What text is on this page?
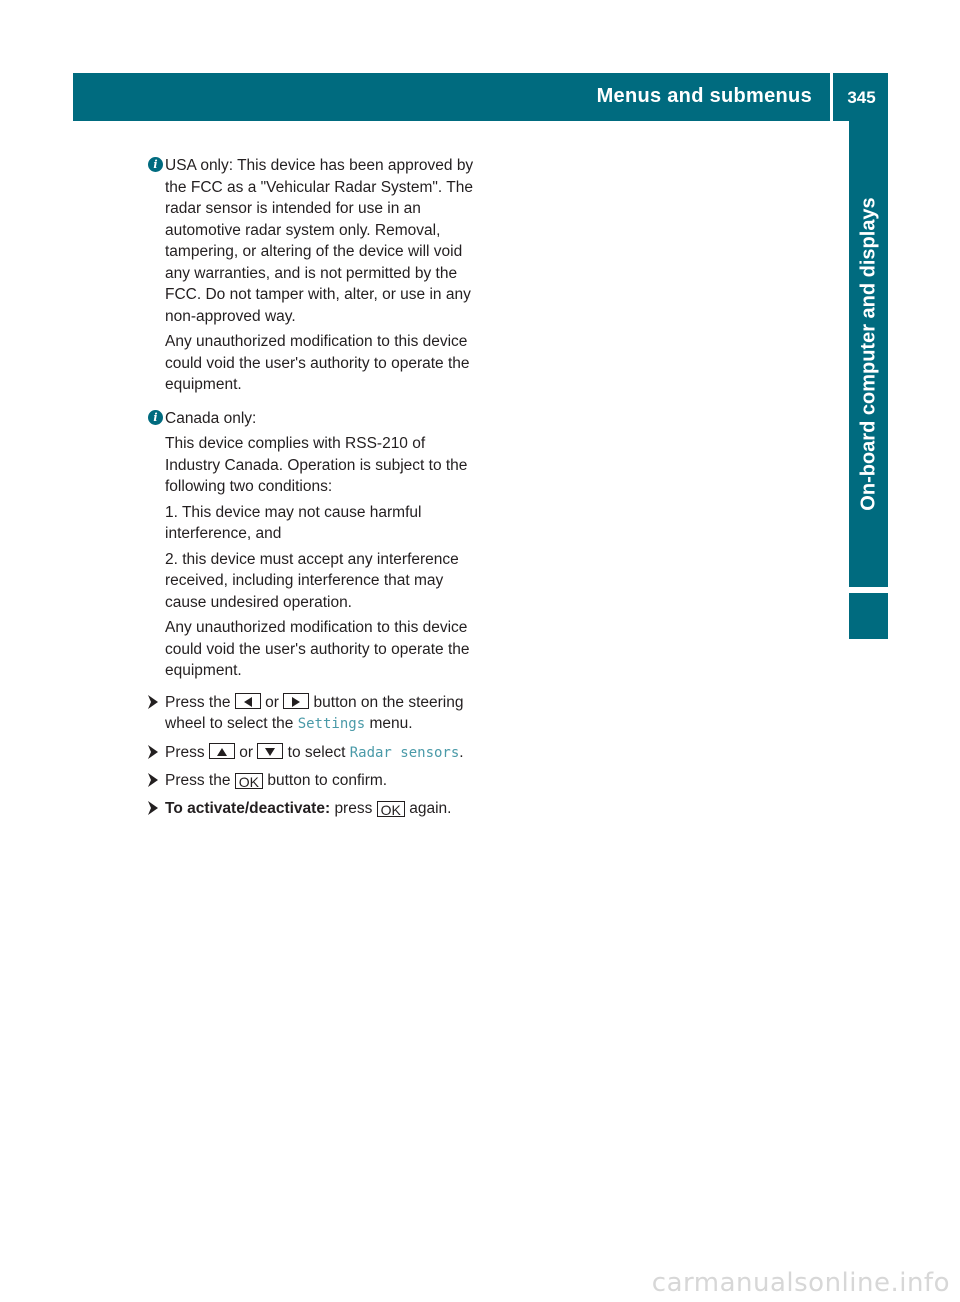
Menus and submenus	345
On-board computer and displays
i USA only: This device has been approved by the FCC as a "Vehicular Radar System". The radar sensor is intended for use in an automotive radar system only. Removal, tampering, or altering of the device will void any warranties, and is not permitted by the FCC. Do not tamper with, alter, or use in any non-approved way.

Any unauthorized modification to this device could void the user's authority to operate the equipment.

i Canada only:

This device complies with RSS-210 of Industry Canada. Operation is subject to the following two conditions:

1. This device may not cause harmful interference, and

2. this device must accept any interference received, including interference that may cause undesired operation.

Any unauthorized modification to this device could void the user's authority to operate the equipment.

Press the or button on the steering wheel to select the Settings menu.
Press or to select Radar sensors.
Press the OK button to confirm.
To activate/deactivate: press OK again.
carmanualsonline.info
